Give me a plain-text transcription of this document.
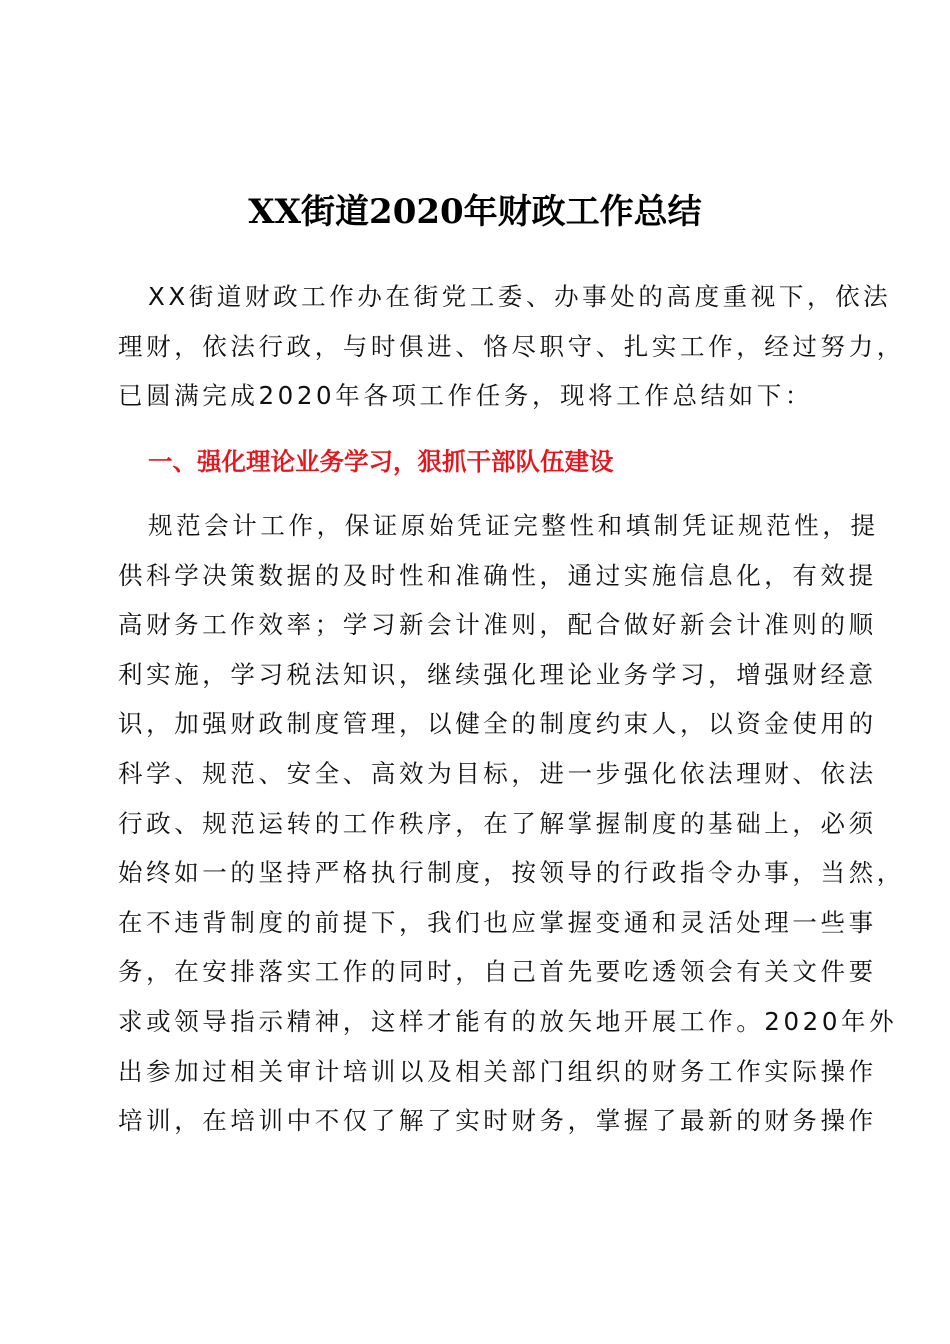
XX街道2020年财政工作总结
XX街道财政工作办在街党工委、办事处的高度重视下，依法
理财，依法行政，与时俱进、恪尽职守、扎实工作，经过努力，
已圆满完成2020年各项工作任务，现将工作总结如下：
一、强化理论业务学习，狠抓干部队伍建设
规范会计工作，保证原始凭证完整性和填制凭证规范性，提
供科学决策数据的及时性和准确性，通过实施信息化，有效提
高财务工作效率；学习新会计准则，配合做好新会计准则的顺
利实施，学习税法知识，继续强化理论业务学习，增强财经意
识，加强财政制度管理，以健全的制度约束人，以资金使用的
科学、规范、安全、高效为目标，进一步强化依法理财、依法
行政、规范运转的工作秩序，在了解掌握制度的基础上，必须
始终如一的坚持严格执行制度，按领导的行政指令办事，当然，
在不违背制度的前提下，我们也应掌握变通和灵活处理一些事
务，在安排落实工作的同时，自己首先要吃透领会有关文件要
求或领导指示精神，这样才能有的放矢地开展工作。2020年外
出参加过相关审计培训以及相关部门组织的财务工作实际操作
培训，在培训中不仅了解了实时财务，掌握了最新的财务操作
